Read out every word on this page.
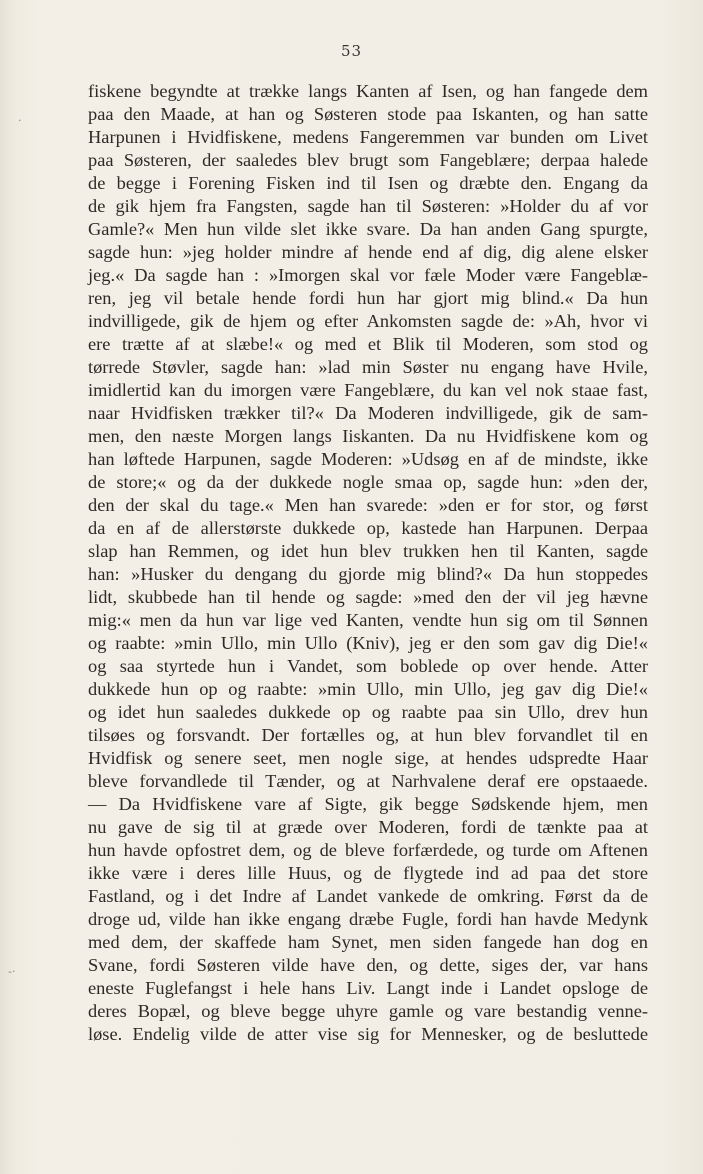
53
·
-·
fiskene begyndte at trække langs Kanten af Isen, og han fangede dem
paa den Maade, at han og Søsteren stode paa Iskanten, og han satte
Harpunen i Hvidfiskene, medens Fangeremmen var bunden om Livet
paa Søsteren, der saaledes blev brugt som Fangeblære; derpaa halede
de begge i Forening Fisken ind til Isen og dræbte den. Engang da
de gik hjem fra Fangsten, sagde han til Søsteren: »Holder du af vor
Gamle?« Men hun vilde slet ikke svare. Da han anden Gang spurgte,
sagde hun: »jeg holder mindre af hende end af dig, dig alene elsker
jeg.« Da sagde han : »Imorgen skal vor fæle Moder være Fangeblæ-
ren, jeg vil betale hende fordi hun har gjort mig blind.« Da hun
indvilligede, gik de hjem og efter Ankomsten sagde de: »Ah, hvor vi
ere trætte af at slæbe!« og med et Blik til Moderen, som stod og
tørrede Støvler, sagde han: »lad min Søster nu engang have Hvile,
imidlertid kan du imorgen være Fangeblære, du kan vel nok staae fast,
naar Hvidfisken trækker til?« Da Moderen indvilligede, gik de sam-
men, den næste Morgen langs Iiskanten. Da nu Hvidfiskene kom og
han løftede Harpunen, sagde Moderen: »Udsøg en af de mindste, ikke
de store;« og da der dukkede nogle smaa op, sagde hun: »den der,
den der skal du tage.« Men han svarede: »den er for stor, og først
da en af de allerstørste dukkede op, kastede han Harpunen. Derpaa
slap han Remmen, og idet hun blev trukken hen til Kanten, sagde
han: »Husker du dengang du gjorde mig blind?« Da hun stoppedes
lidt, skubbede han til hende og sagde: »med den der vil jeg hævne
mig:« men da hun var lige ved Kanten, vendte hun sig om til Sønnen
og raabte: »min Ullo, min Ullo (Kniv), jeg er den som gav dig Die!«
og saa styrtede hun i Vandet, som boblede op over hende. Atter
dukkede hun op og raabte: »min Ullo, min Ullo, jeg gav dig Die!«
og idet hun saaledes dukkede op og raabte paa sin Ullo, drev hun
tilsøes og forsvandt. Der fortælles og, at hun blev forvandlet til en
Hvidfisk og senere seet, men nogle sige, at hendes udspredte Haar
bleve forvandlede til Tænder, og at Narhvalene deraf ere opstaaede.
— Da Hvidfiskene vare af Sigte, gik begge Sødskende hjem, men
nu gave de sig til at græde over Moderen, fordi de tænkte paa at
hun havde opfostret dem, og de bleve forfærdede, og turde om Aftenen
ikke være i deres lille Huus, og de flygtede ind ad paa det store
Fastland, og i det Indre af Landet vankede de omkring. Først da de
droge ud, vilde han ikke engang dræbe Fugle, fordi han havde Medynk
med dem, der skaffede ham Synet, men siden fangede han dog en
Svane, fordi Søsteren vilde have den, og dette, siges der, var hans
eneste Fuglefangst i hele hans Liv. Langt inde i Landet opsloge de
deres Bopæl, og bleve begge uhyre gamle og vare bestandig venne-
løse. Endelig vilde de atter vise sig for Mennesker, og de besluttede
